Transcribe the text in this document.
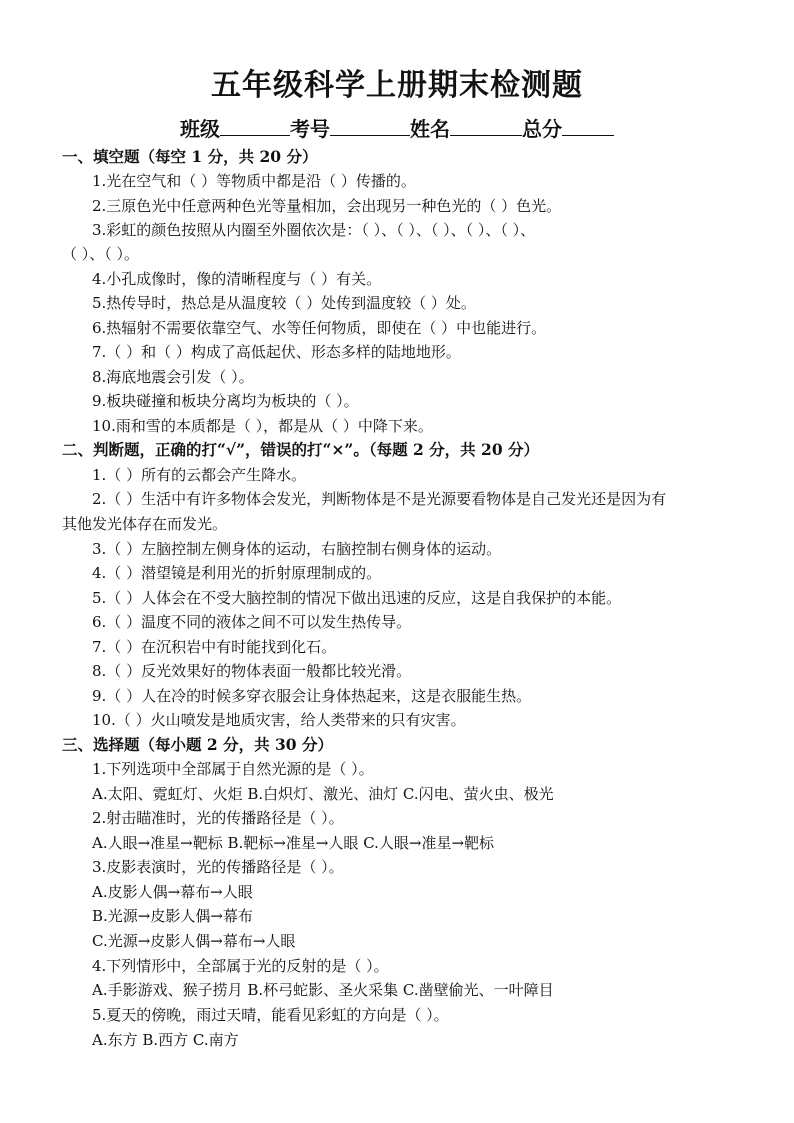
五年级科学上册期末检测题
班级	考号	姓名	总分
一、填空题（每空 1 分，共 20 分）
1.光在空气和（ ）等物质中都是沿（ ）传播的。
2.三原色光中任意两种色光等量相加，会出现另一种色光的（ ）色光。
3.彩虹的颜色按照从内圈至外圈依次是：（ ）、（ ）、（ ）、（ ）、（ ）、
（ ）、（ ）。
4.小孔成像时，像的清晰程度与（ ）有关。
5.热传导时，热总是从温度较（ ）处传到温度较（ ）处。
6.热辐射不需要依靠空气、水等任何物质，即使在（ ）中也能进行。
7.（ ）和（ ）构成了高低起伏、形态多样的陆地地形。
8.海底地震会引发（ ）。
9.板块碰撞和板块分离均为板块的（ ）。
10.雨和雪的本质都是（ ），都是从（ ）中降下来。
二、判断题，正确的打“√”，错误的打“×”。（每题 2 分，共 20 分）
1.（ ）所有的云都会产生降水。
2.（ ）生活中有许多物体会发光，判断物体是不是光源要看物体是自己发光还是因为有
其他发光体存在而发光。
3.（ ）左脑控制左侧身体的运动，右脑控制右侧身体的运动。
4.（ ）潜望镜是利用光的折射原理制成的。
5.（ ）人体会在不受大脑控制的情况下做出迅速的反应，这是自我保护的本能。
6.（ ）温度不同的液体之间不可以发生热传导。
7.（ ）在沉积岩中有时能找到化石。
8.（ ）反光效果好的物体表面一般都比较光滑。
9.（ ）人在冷的时候多穿衣服会让身体热起来，这是衣服能生热。
10.（ ）火山喷发是地质灾害，给人类带来的只有灾害。
三、选择题（每小题 2 分，共 30 分）
1.下列选项中全部属于自然光源的是（ ）。
A.太阳、霓虹灯、火炬 B.白炽灯、激光、油灯 C.闪电、萤火虫、极光
2.射击瞄准时，光的传播路径是（ ）。
A.人眼→准星→靶标 B.靶标→准星→人眼 C.人眼→准星→靶标
3.皮影表演时，光的传播路径是（ ）。
A.皮影人偶→幕布→人眼
B.光源→皮影人偶→幕布
C.光源→皮影人偶→幕布→人眼
4.下列情形中，全部属于光的反射的是（ ）。
A.手影游戏、猴子捞月 B.杯弓蛇影、圣火采集 C.凿壁偷光、一叶障目
5.夏天的傍晚，雨过天晴，能看见彩虹的方向是（ ）。
A.东方 B.西方 C.南方
